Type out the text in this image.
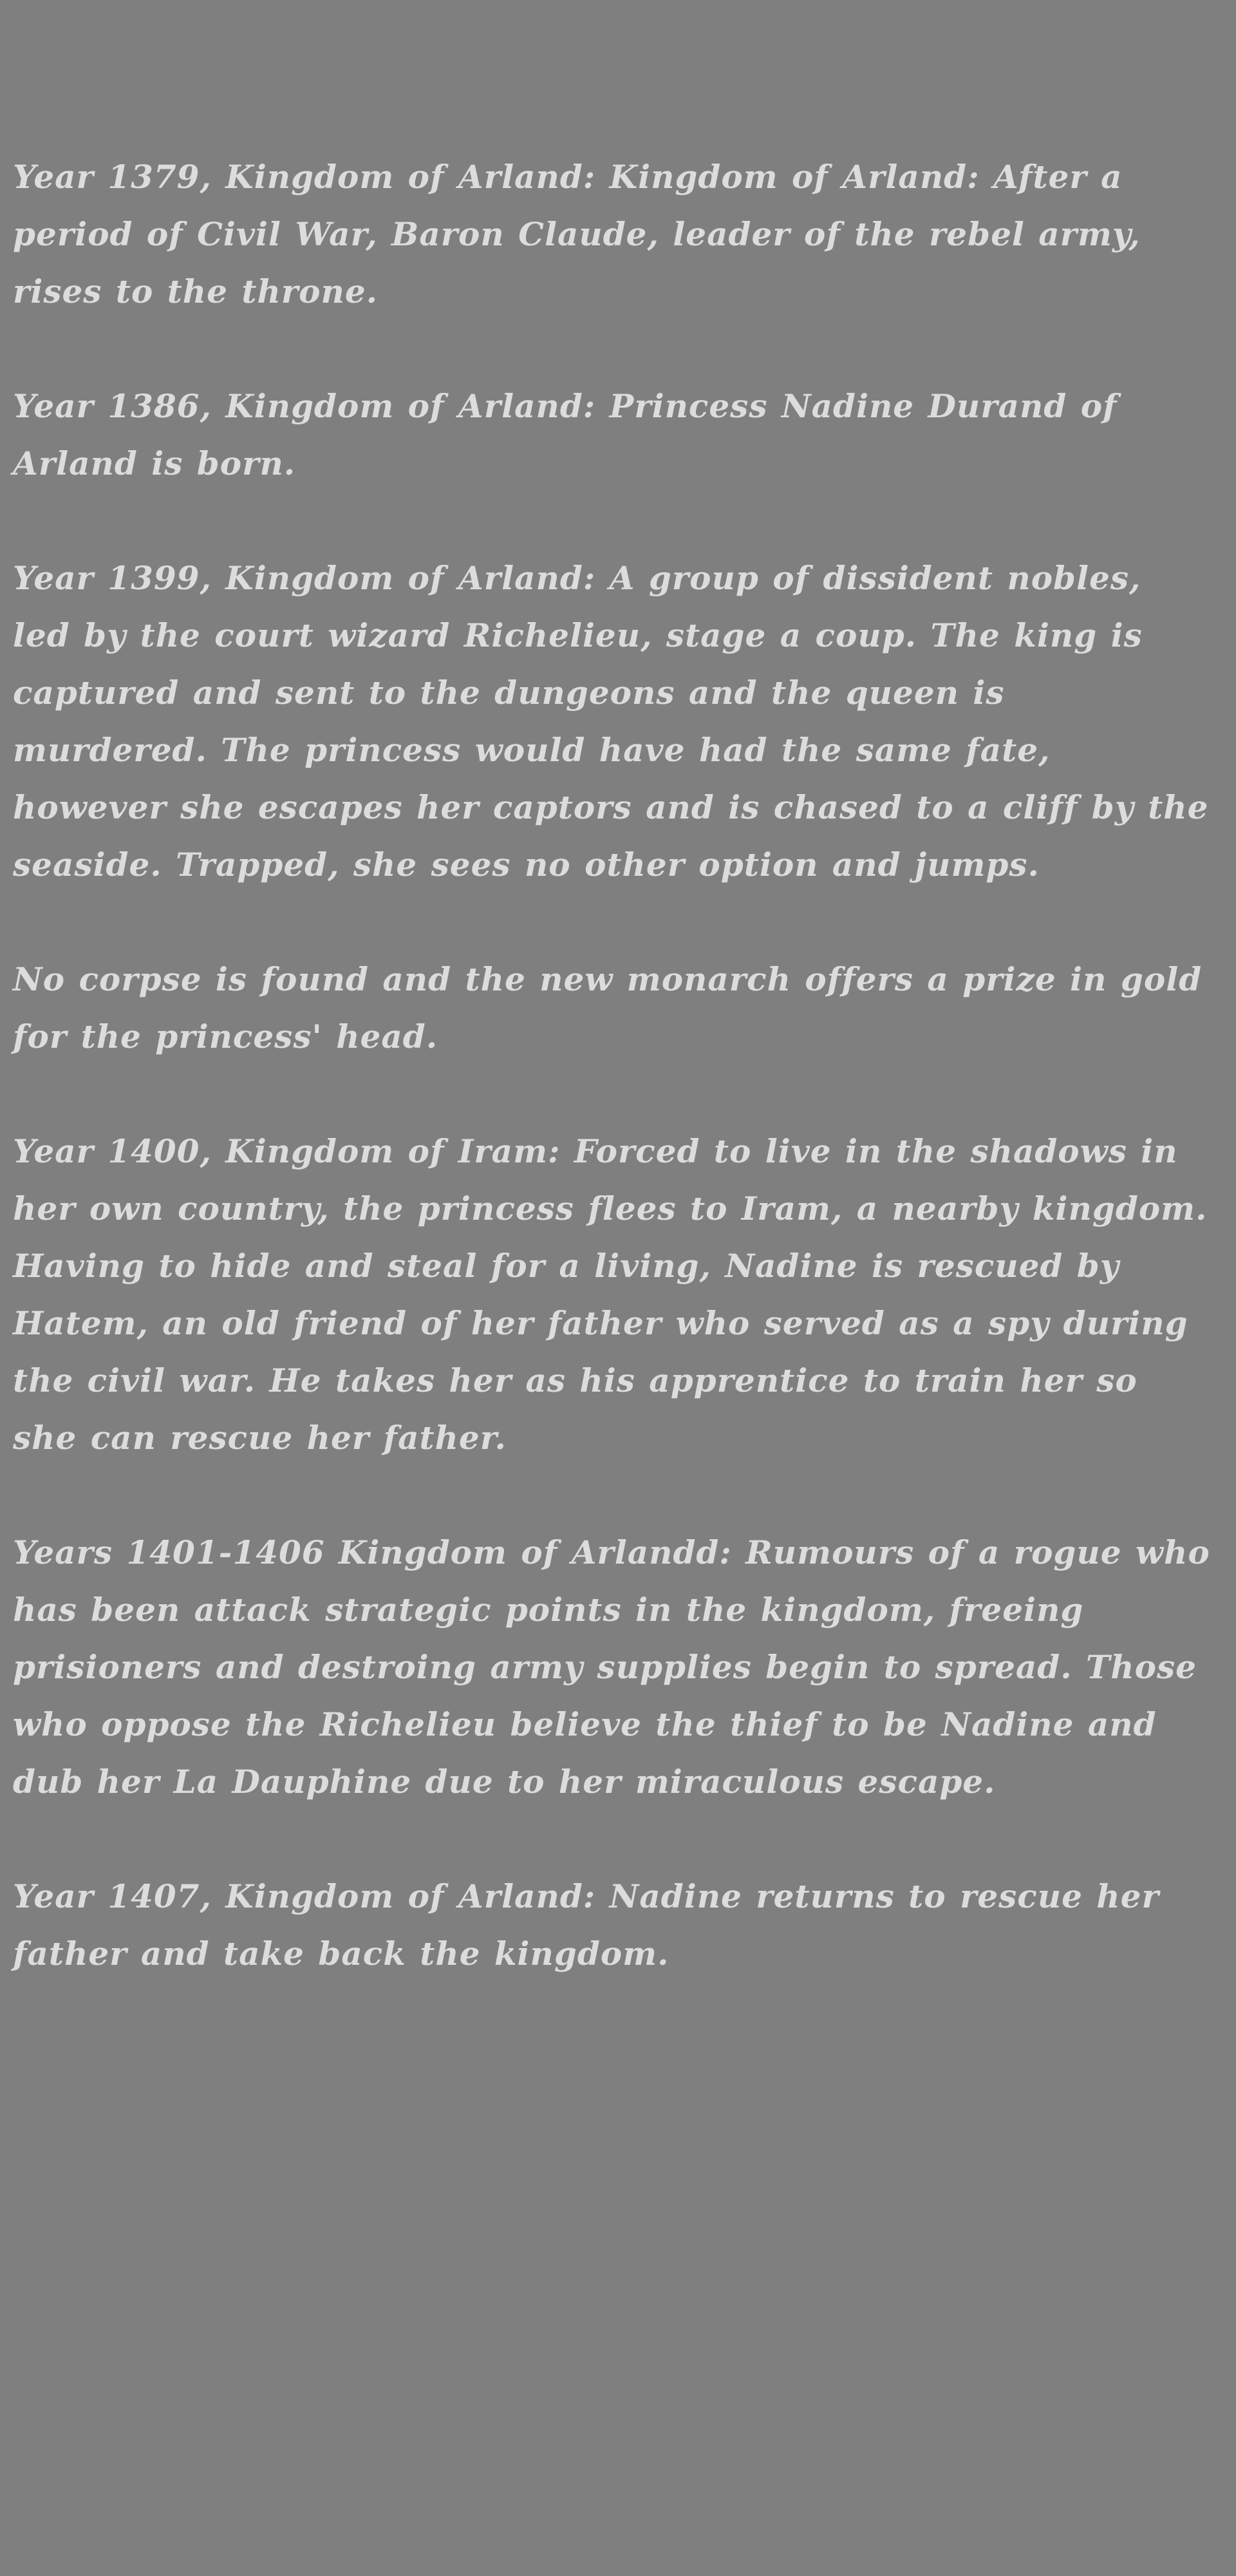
Year 1379, Kingdom of Arland: Kingdom of Arland: After a period of Civil War, Baron Claude, leader of the rebel army, rises to the throne.

Year 1386, Kingdom of Arland: Princess Nadine Durand of Arland is born.

Year 1399, Kingdom of Arland: A group of dissident nobles, led by the court wizard Richelieu, stage a coup. The king is captured and sent to the dungeons and the queen is murdered. The princess would have had the same fate, however she escapes her captors and is chased to a cliff by the seaside. Trapped, she sees no other option and jumps.

No corpse is found and the new monarch offers a prize in gold for the princess' head.

Year 1400, Kingdom of Iram: Forced to live in the shadows in her own country, the princess flees to Iram, a nearby kingdom. Having to hide and steal for a living, Nadine is rescued by Hatem, an old friend of her father who served as a spy during the civil war. He takes her as his apprentice to train her so she can rescue her father.

Years 1401-1406 Kingdom of Arlandd: Rumours of a rogue who has been attack strategic points in the kingdom, freeing prisioners and destroing army supplies begin to spread. Those who oppose the Richelieu believe the thief to be Nadine and dub her La Dauphine due to her miraculous escape.

Year 1407, Kingdom of Arland: Nadine returns to rescue her father and take back the kingdom.
